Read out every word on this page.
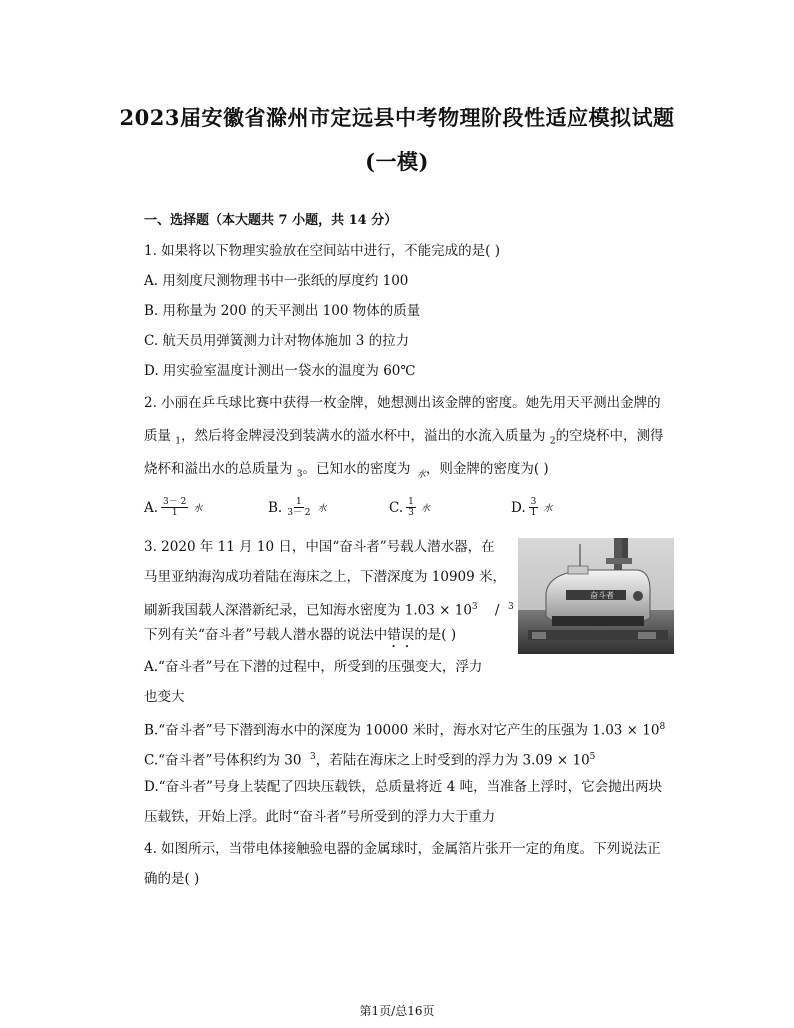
2023届安徽省滁州市定远县中考物理阶段性适应模拟试题
(一模)
一、选择题（本大题共 7 小题，共 14 分）
1. 如果将以下物理实验放在空间站中进行，不能完成的是( )
A. 用刻度尺测物理书中一张纸的厚度约 100
B. 用称量为 200 的天平测出 100 物体的质量
C. 航天员用弹簧测力计对物体施加 3 的拉力
D. 用实验室温度计测出一袋水的温度为 60℃
2. 小丽在乒乓球比赛中获得一枚金牌，她想测出该金牌的密度。她先用天平测出金牌的
质量 $_1$，然后将金牌浸没到装满水的溢水杯中，溢出的水流入质量为 $_2$的空烧杯中，测得
烧杯和溢出水的总质量为 $_3$。已知水的密度为 $_水$，则金牌的密度为( )
A. $\frac{3- 2}{1}$ 水	B. $\frac{1}{3- 2}$ 水	C. $\frac{1}{3}$ 水	D. $\frac{3}{1}$ 水
3. 2020 年 11 月 10 日，中国“奋斗者”号载人潜水器，在
马里亚纳海沟成功着陆在海床之上，下潜深度为 10909 米，
刷新我国载人深潜新纪录，已知海水密度为 $1.03 \times 10^3$    /  $^3$
下列有关“奋斗者”号载人潜水器的说法中错误的是( )
奋斗者
A.“奋斗者”号在下潜的过程中，所受到的压强变大，浮力
也变大
B.“奋斗者”号下潜到海水中的深度为 10000 米时，海水对它产生的压强为 $1.03 \times 10^8$
C.“奋斗者”号体积约为 30  $^3$，若陆在海床之上时受到的浮力为 $3.09 \times 10^5$
D.“奋斗者”号身上装配了四块压载铁，总质量将近 4 吨，当准备上浮时，它会抛出两块
压载铁，开始上浮。此时“奋斗者”号所受到的浮力大于重力
4. 如图所示，当带电体接触验电器的金属球时，金属箔片张开一定的角度。下列说法正
确的是( )
第1页/总16页
